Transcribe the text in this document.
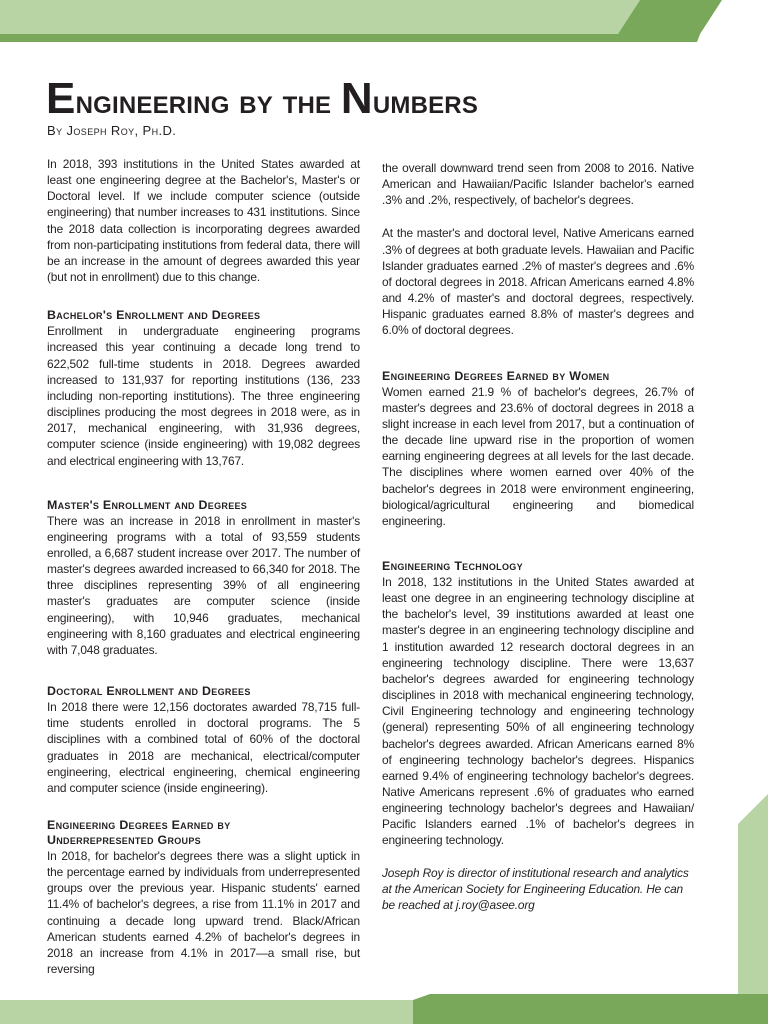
Engineering by the Numbers
By Joseph Roy, Ph.D.

In 2018, 393 institutions in the United States awarded at least one engineering degree at the Bachelor's, Master's or Doctoral level. If we include computer science (outside engineering) that number increases to 431 institutions. Since the 2018 data collection is incorporating degrees awarded from non-participating institutions from federal data, there will be an increase in the amount of degrees awarded this year (but not in enrollment) due to this change.

Bachelor's Enrollment and Degrees

Enrollment in undergraduate engineering programs increased this year continuing a decade long trend to 622,502 full-time students in 2018. Degrees awarded increased to 131,937 for reporting institutions (136, 233 including non-reporting institutions). The three engineering disciplines producing the most degrees in 2018 were, as in 2017, mechanical engineering, with 31,936 degrees, computer science (inside engineering) with 19,082 degrees and electrical engineering with 13,767.

Master's Enrollment and Degrees

There was an increase in 2018 in enrollment in master's engineering programs with a total of 93,559 students enrolled, a 6,687 student increase over 2017. The number of master's degrees awarded increased to 66,340 for 2018. The three disciplines representing 39% of all engineering master's graduates are computer science (inside engineering), with 10,946 graduates, mechanical engineering with 8,160 graduates and electrical engineering with 7,048 graduates.

Doctoral Enrollment and Degrees

In 2018 there were 12,156 doctorates awarded 78,715 full-time students enrolled in doctoral programs. The 5 disciplines with a combined total of 60% of the doctoral graduates in 2018 are mechanical, electrical/computer engineering, electrical engineering, chemical engineering and computer science (inside engineering).

Engineering Degrees Earned by
Underrepresented Groups

In 2018, for bachelor's degrees there was a slight uptick in the percentage earned by individuals from underrepresented groups over the previous year. Hispanic students' earned 11.4% of bachelor's degrees, a rise from 11.1% in 2017 and continuing a decade long upward trend. Black/African American students earned 4.2% of bachelor's degrees in 2018 an increase from 4.1% in 2017—a small rise, but reversing

the overall downward trend seen from 2008 to 2016. Native American and Hawaiian/Pacific Islander bachelor's earned .3% and .2%, respectively, of bachelor's degrees.

At the master's and doctoral level, Native Americans earned .3% of degrees at both graduate levels. Hawaiian and Pacific Islander graduates earned .2% of master's degrees and .6% of doctoral degrees in 2018. African Americans earned 4.8% and 4.2% of master's and doctoral degrees, respectively. Hispanic graduates earned 8.8% of master's degrees and 6.0% of doctoral degrees.

Engineering Degrees Earned by Women

Women earned 21.9 % of bachelor's degrees, 26.7% of master's degrees and 23.6% of doctoral degrees in 2018 a slight increase in each level from 2017, but a continuation of the decade line upward rise in the proportion of women earning engineering degrees at all levels for the last decade. The disciplines where women earned over 40% of the bachelor's degrees in 2018 were environment engineering, biological/agricultural engineering and biomedical engineering.

Engineering Technology

In 2018, 132 institutions in the United States awarded at least one degree in an engineering technology discipline at the bachelor's level, 39 institutions awarded at least one master's degree in an engineering technology discipline and 1 institution awarded 12 research doctoral degrees in an engineering technology discipline. There were 13,637 bachelor's degrees awarded for engineering technology disciplines in 2018 with mechanical engineering technology, Civil Engineering technology and engineering technology (general) representing 50% of all engineering technology bachelor's degrees awarded. African Americans earned 8% of engineering technology bachelor's degrees. Hispanics earned 9.4% of engineering technology bachelor's degrees. Native Americans represent .6% of graduates who earned engineering technology bachelor's degrees and Hawaiian/ Pacific Islanders earned .1% of bachelor's degrees in engineering technology.

Joseph Roy is director of institutional research and analytics at the American Society for Engineering Education. He can be reached at j.roy@asee.org
